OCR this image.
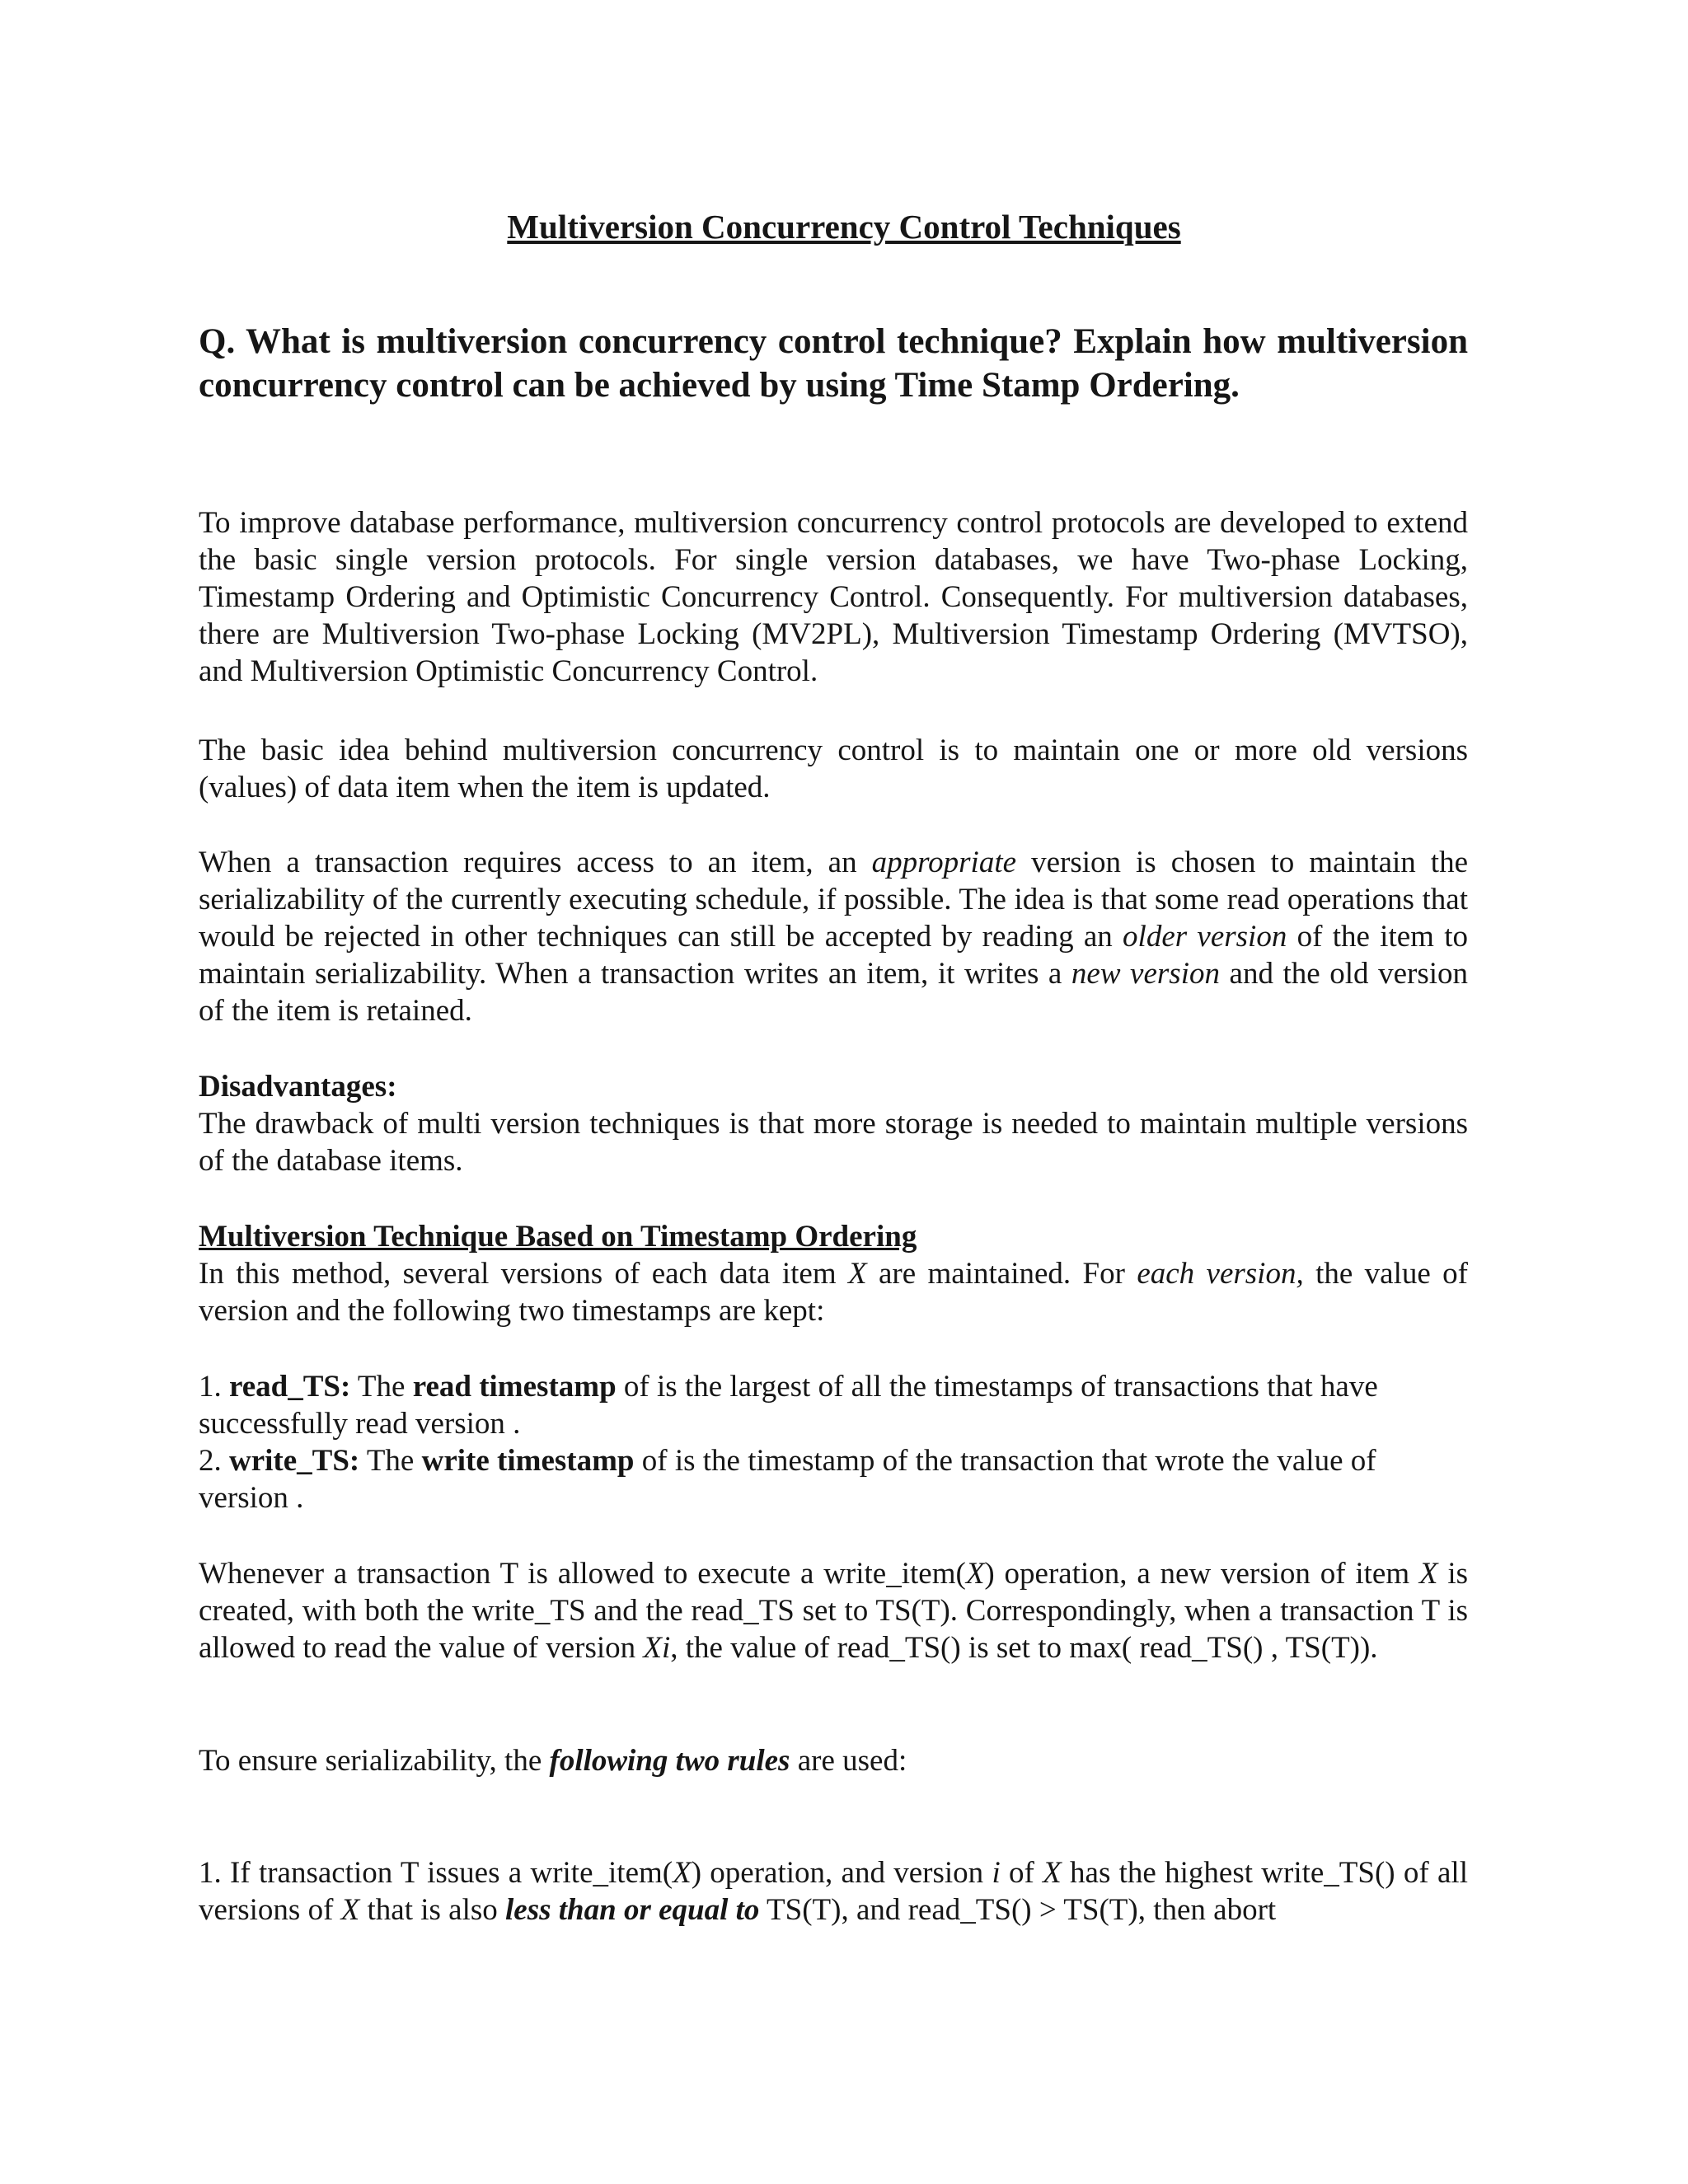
Multiversion Concurrency Control Techniques
Q. What is multiversion concurrency control technique? Explain how multiversion concurrency control can be achieved by using Time Stamp Ordering.
To improve database performance, multiversion concurrency control protocols are developed to extend the basic single version protocols. For single version databases, we have Two-phase Locking, Timestamp Ordering and Optimistic Concurrency Control. Consequently. For multiversion databases, there are Multiversion Two-phase Locking (MV2PL), Multiversion Timestamp Ordering (MVTSO), and Multiversion Optimistic Concurrency Control.
The basic idea behind multiversion concurrency control is to maintain one or more old versions (values) of data item when the item is updated.
When a transaction requires access to an item, an appropriate version is chosen to maintain the serializability of the currently executing schedule, if possible. The idea is that some read operations that would be rejected in other techniques can still be accepted by reading an older version of the item to maintain serializability. When a transaction writes an item, it writes a new version and the old version of the item is retained.
Disadvantages:
The drawback of multi version techniques is that more storage is needed to maintain multiple versions of the database items.
Multiversion Technique Based on Timestamp Ordering
In this method, several versions of each data item X are maintained. For each version, the value of version and the following two timestamps are kept:
1. read_TS: The read timestamp of is the largest of all the timestamps of transactions that have successfully read version .
2. write_TS: The write timestamp of is the timestamp of the transaction that wrote the value of version .
Whenever a transaction T is allowed to execute a write_item(X) operation, a new version of item X is created, with both the write_TS and the read_TS set to TS(T). Correspondingly, when a transaction T is allowed to read the value of version Xi, the value of read_TS() is set to max( read_TS() , TS(T)).
To ensure serializability, the following two rules are used:
1. If transaction T issues a write_item(X) operation, and version i of X has the highest write_TS() of all versions of X that is also less than or equal to TS(T), and read_TS() > TS(T), then abort
